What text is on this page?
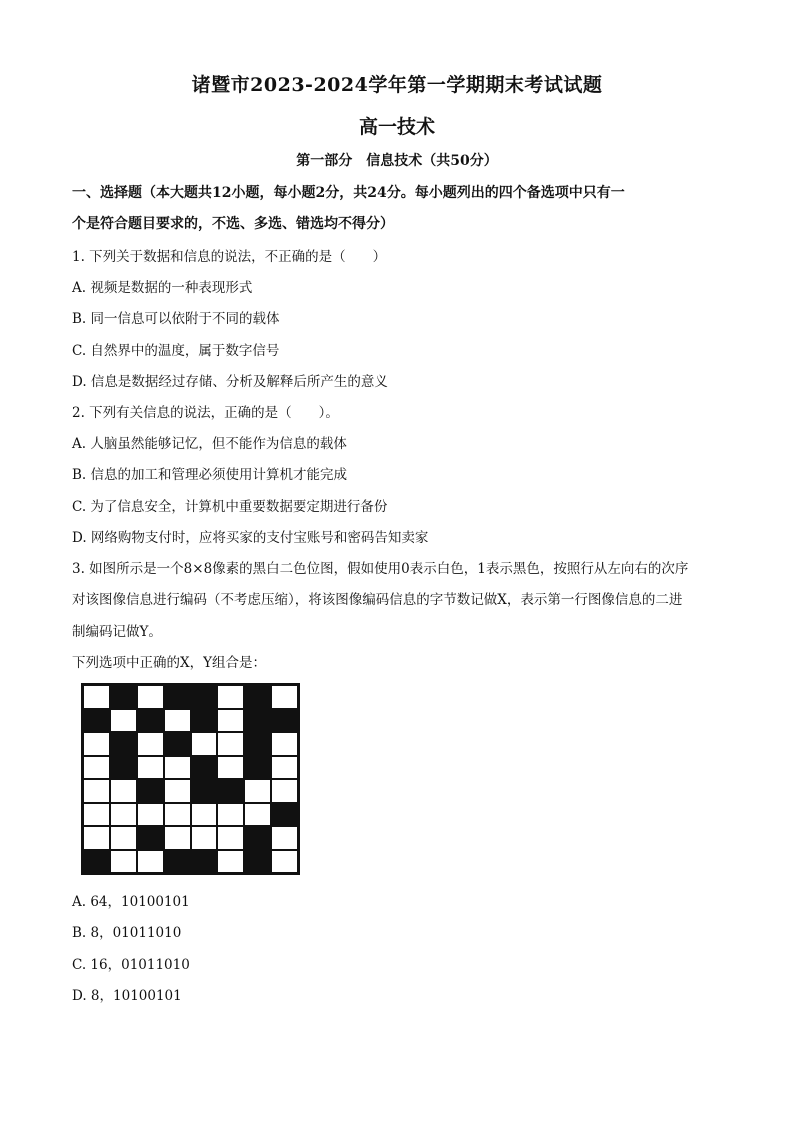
诸暨市2023-2024学年第一学期期末考试试题
高一技术
第一部分　信息技术（共50分）
一、选择题（本大题共12小题，每小题2分，共24分。每小题列出的四个备选项中只有一
个是符合题目要求的，不选、多选、错选均不得分）
1. 下列关于数据和信息的说法，不正确的是（　　）
A. 视频是数据的一种表现形式
B. 同一信息可以依附于不同的载体
C. 自然界中的温度，属于数字信号
D. 信息是数据经过存储、分析及解释后所产生的意义
2. 下列有关信息的说法，正确的是（　　）。
A. 人脑虽然能够记忆，但不能作为信息的载体
B. 信息的加工和管理必须使用计算机才能完成
C. 为了信息安全，计算机中重要数据要定期进行备份
D. 网络购物支付时，应将买家的支付宝账号和密码告知卖家
3. 如图所示是一个8×8像素的黑白二色位图，假如使用0表示白色，1表示黑色，按照行从左向右的次序
对该图像信息进行编码（不考虑压缩），将该图像编码信息的字节数记做X，表示第一行图像信息的二进
制编码记做Y。
下列选项中正确的X，Y组合是：
A. 64，10100101
B. 8，01011010
C. 16，01011010
D. 8，10100101
